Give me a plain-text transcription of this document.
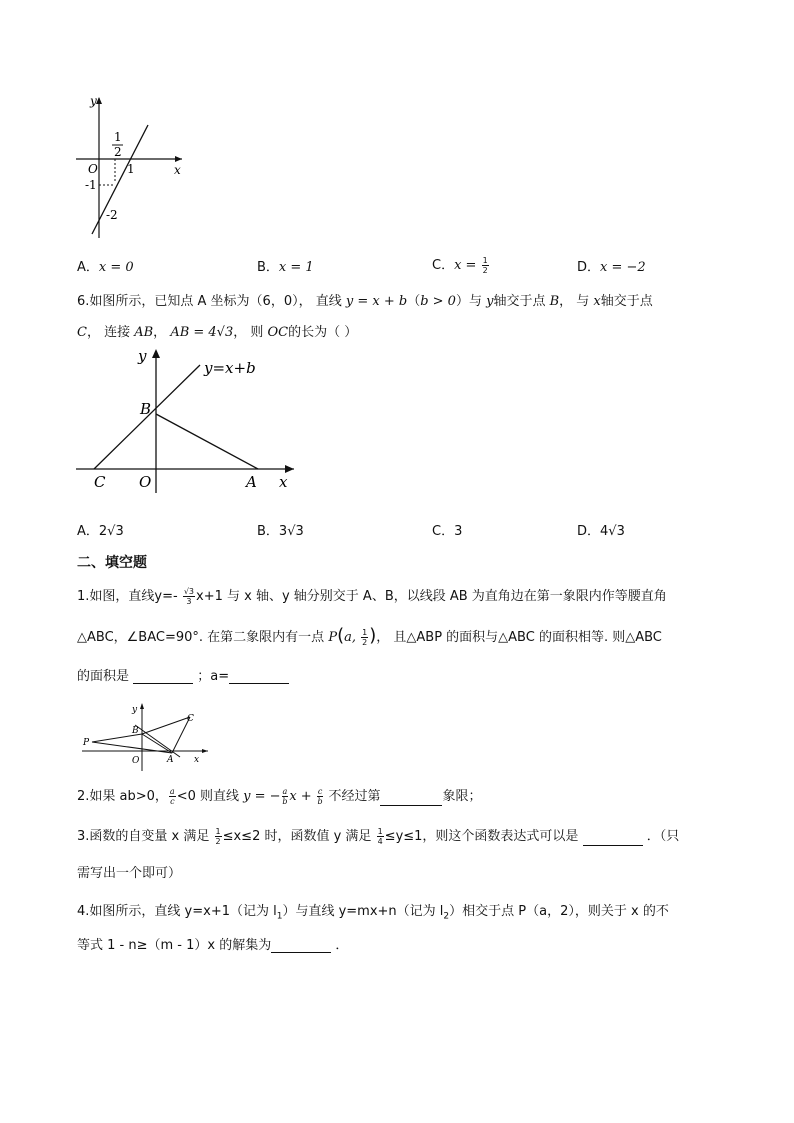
y
x
O
1
2
1
-1
-2
A．x = 0	B．x = 1	C．$x = \frac{1}{2}$	D．x = −2
6.如图所示，已知点 A 坐标为（6，0）， 直线 y = x + b（b > 0）与 y轴交于点 B， 与 x轴交于点
C， 连接 AB， AB = 4√3， 则 OC的长为（ ）
y
y=x+b
B
C O	A x
A．2√3	B．3√3	C．3	D．4√3
二、填空题
1.如图，直线$y=- \frac{√3}{3} x+1$ 与 x 轴、y 轴分别交于 A、B，以线段 AB 为直角边在第一象限内作等腰直角
△ABC，∠BAC=90°. 在第二象限内有一点 P(a, $\frac{1}{2}$ )， 且△ABP 的面积与△ABC 的面积相等. 则△ABC
的面积是	；a=
y
C
B
P
O	A x
2.如果 ab>0， $\frac{a}{c} <0$ 则直线 y = − $\frac{a}{b}$ $x + \frac{c}{b}$ 不经过第	象限；
3.函数的自变量 x 满足 $\frac{1}{2} \le x\le 2$ 时，函数值 y 满足 $\frac{1}{4} \le y\le 1$，则这个函数表达式可以是	．（只
需写出一个即可）
4.如图所示，直线 y=x+1（记为 $l_1$）与直线 y=mx+n（记为 $l_2$）相交于点 P（a，2），则关于 x 的不
等式 1 - n≥（m - 1）x 的解集为	．
